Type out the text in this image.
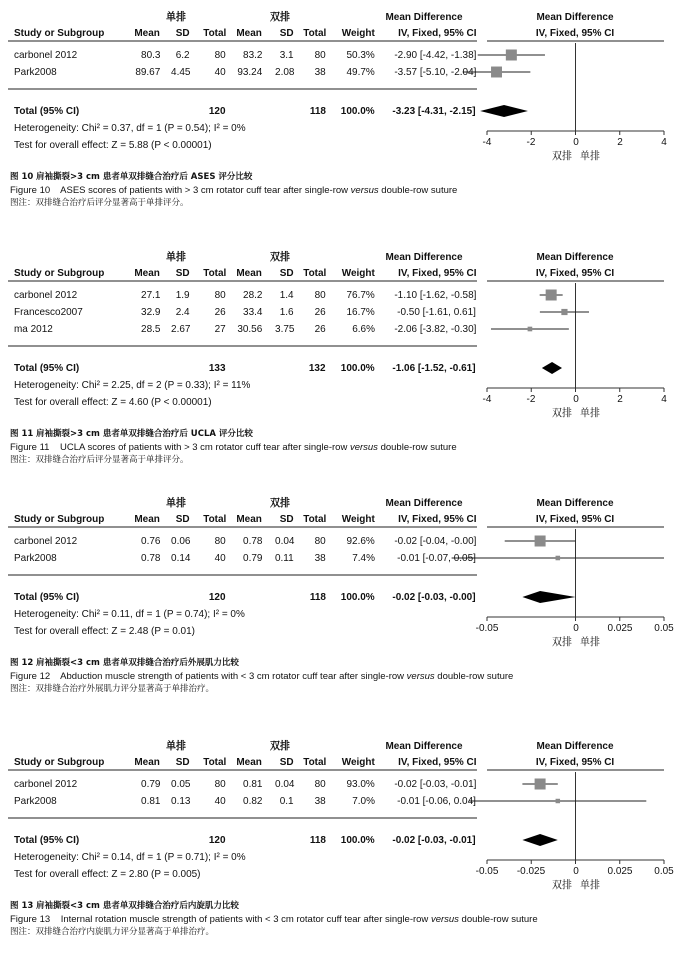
-4	-2	0	2	4
单排	双排	Mean Difference	Mean Difference
Study or Subgroup	Mean SD Total Mean SD Total Weight IV, Fixed, 95% CI	IV, Fixed, 95% CI
carbonel 2012	80.3 6.2 80 83.2 3.1 80 50.3% -2.90 [-4.42, -1.38]
Park2008	89.67 4.45 40 93.24 2.08 38 49.7% -3.57 [-5.10, -2.04]
Total (95% CI)	120	118 100.0% -3.23 [-4.31, -2.15]
Heterogeneity: Chi² = 0.37, df = 1 (P = 0.54); I² = 0%
Test for overall effect: Z = 5.88 (P < 0.00001)
双排 单排
图 10 肩袖撕裂>3 cm 患者单双排缝合治疗后 ASES 评分比较
Figure 10    ASES scores of patients with > 3 cm rotator cuff tear after single-row versus double-row suture
图注：双排缝合治疗后评分显著高于单排评分。
-4	-2	0	2	4
单排	双排	Mean Difference	Mean Difference
Study or Subgroup	Mean SD Total Mean SD Total Weight IV, Fixed, 95% CI	IV, Fixed, 95% CI
carbonel 2012	27.1 1.9 80 28.2 1.4 80 76.7% -1.10 [-1.62, -0.58]
Francesco2007	32.9 2.4 26 33.4 1.6 26 16.7% -0.50 [-1.61, 0.61]
ma 2012	28.5 2.67 27 30.56 3.75 26	6.6% -2.06 [-3.82, -0.30]
Total (95% CI)	133	132 100.0% -1.06 [-1.52, -0.61]
Heterogeneity: Chi² = 2.25, df = 2 (P = 0.33); I² = 11%
Test for overall effect: Z = 4.60 (P < 0.00001)
双排 单排
图 11 肩袖撕裂>3 cm 患者单双排缝合治疗后 UCLA 评分比较
Figure 11    UCLA scores of patients with > 3 cm rotator cuff tear after single-row versus double-row suture
图注：双排缝合治疗后评分显著高于单排评分。
-0.05	0	0.025 0.05
单排	双排	Mean Difference	Mean Difference
Study or Subgroup	Mean SD Total Mean SD Total Weight IV, Fixed, 95% CI	IV, Fixed, 95% CI
carbonel 2012	0.76 0.06 80 0.78 0.04 80 92.6% -0.02 [-0.04, -0.00]
Park2008	0.78 0.14 40 0.79 0.11 38	7.4% -0.01 [-0.07, 0.05]
Total (95% CI)	120	118 100.0% -0.02 [-0.03, -0.00]
Heterogeneity: Chi² = 0.11, df = 1 (P = 0.74); I² = 0%
Test for overall effect: Z = 2.48 (P = 0.01)
双排 单排
图 12 肩袖撕裂<3 cm 患者单双排缝合治疗后外展肌力比较
Figure 12    Abduction muscle strength of patients with < 3 cm rotator cuff tear after single-row versus double-row suture
图注：双排缝合治疗外展肌力评分显著高于单排治疗。
-0.05 -0.025	0	0.025 0.05
单排	双排	Mean Difference	Mean Difference
Study or Subgroup	Mean SD Total Mean SD Total Weight IV, Fixed, 95% CI	IV, Fixed, 95% CI
carbonel 2012	0.79 0.05 80 0.81 0.04 80 93.0% -0.02 [-0.03, -0.01]
Park2008	0.81 0.13 40 0.82 0.1 38	7.0% -0.01 [-0.06, 0.04]
Total (95% CI)	120	118 100.0% -0.02 [-0.03, -0.01]
Heterogeneity: Chi² = 0.14, df = 1 (P = 0.71); I² = 0%
Test for overall effect: Z = 2.80 (P = 0.005)
双排 单排
图 13 肩袖撕裂<3 cm 患者单双排缝合治疗后内旋肌力比较
Figure 13    Internal rotation muscle strength of patients with < 3 cm rotator cuff tear after single-row versus double-row suture
图注：双排缝合治疗内旋肌力评分显著高于单排治疗。
